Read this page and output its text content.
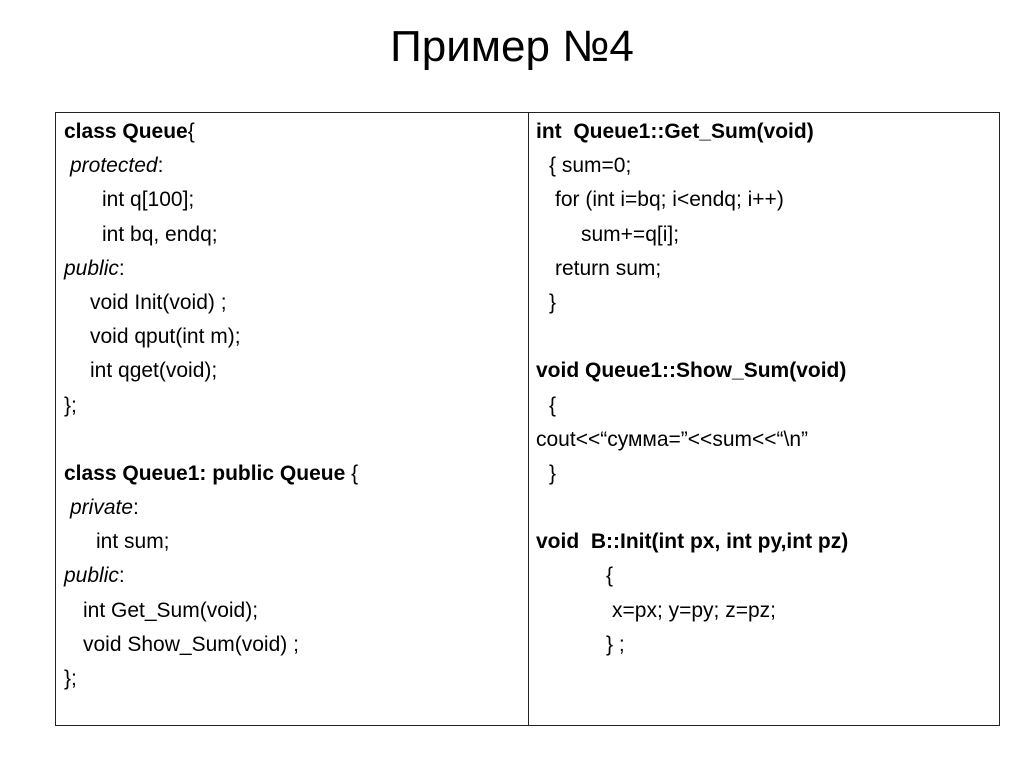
Пример №4
class Queue{
protected:
int q[100];
int bq, endq;
public:
void Init(void) ;
void qput(int m);
int qget(void);
};
class Queue1: public Queue {
private:
int sum;
public:
int Get_Sum(void);
void Show_Sum(void) ;
};
int  Queue1::Get_Sum(void)
{ sum=0;
for (int i=bq; i<endq; i++)
sum+=q[i];
return sum;
}
void Queue1::Show_Sum(void)
{
cout<<“сумма=”<<sum<<“\n”
}
void  B::Init(int px, int py,int pz)
{
x=px; y=py; z=pz;
} ;
